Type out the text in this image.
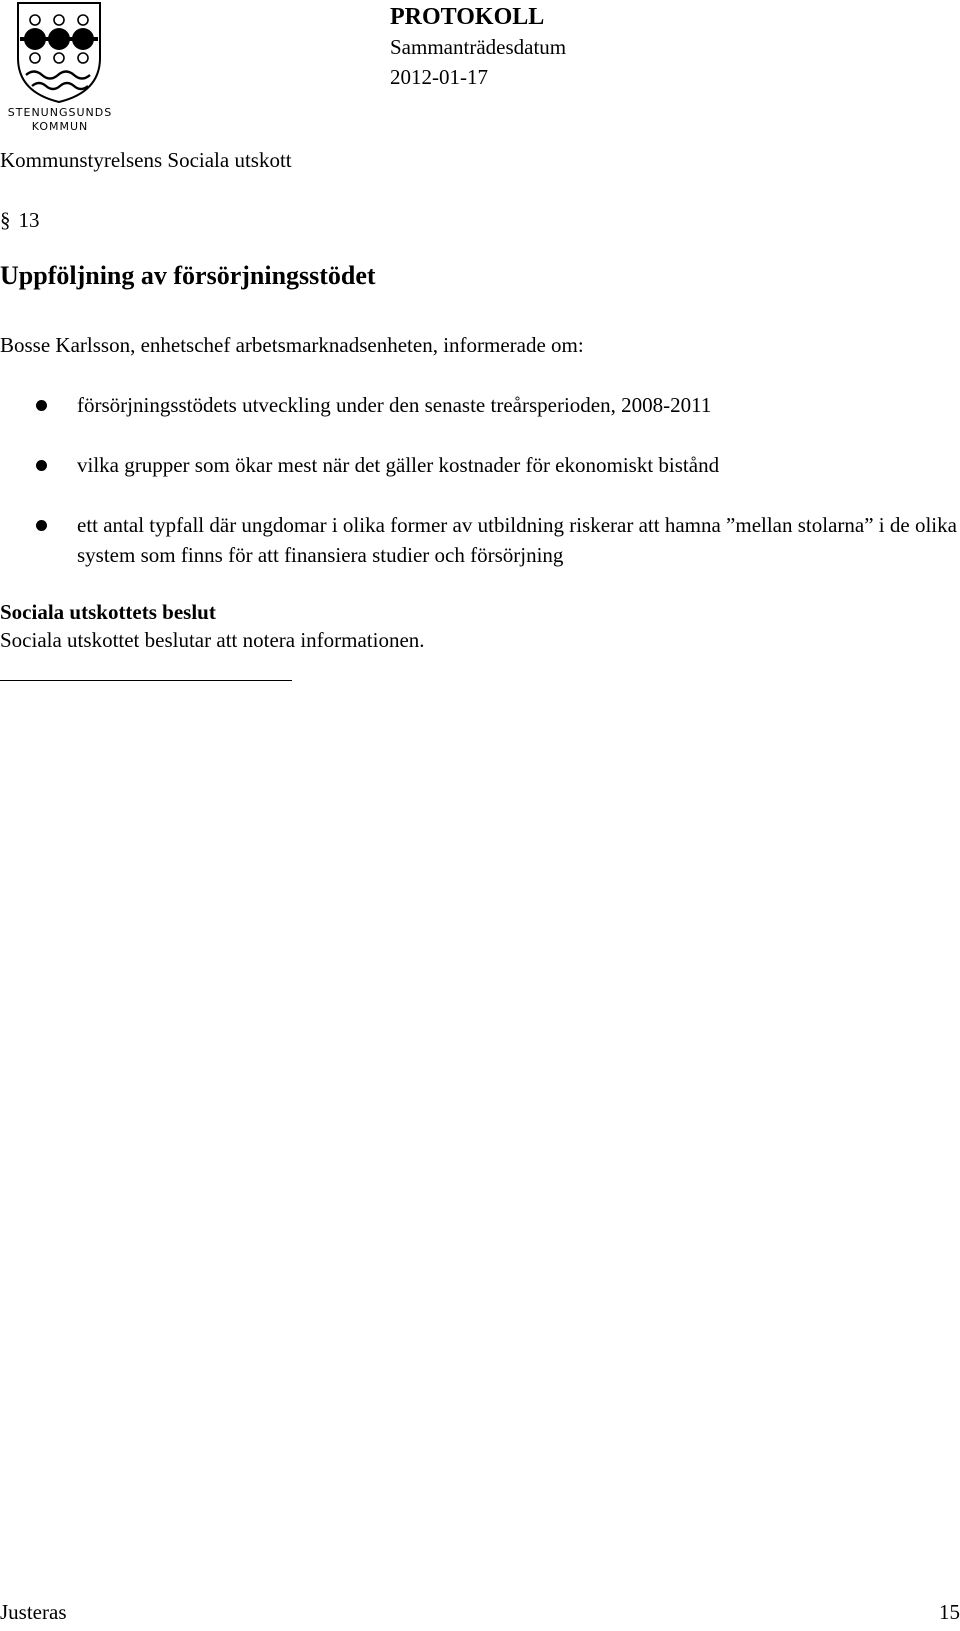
STENUNGSUNDS
KOMMUN
PROTOKOLL
Sammanträdesdatum
2012-01-17
Kommunstyrelsens Sociala utskott
§ 13
Uppföljning av försörjningsstödet
Bosse Karlsson, enhetschef arbetsmarknadsenheten, informerade om:
försörjningsstödets utveckling under den senaste treårsperioden, 2008-2011
vilka grupper som ökar mest när det gäller kostnader för ekonomiskt bistånd
ett antal typfall där ungdomar i olika former av utbildning riskerar att hamna ”mellan stolarna” i de olika system som finns för att finansiera studier och försörjning
Sociala utskottets beslut
Sociala utskottet beslutar att notera informationen.
Justeras	15
